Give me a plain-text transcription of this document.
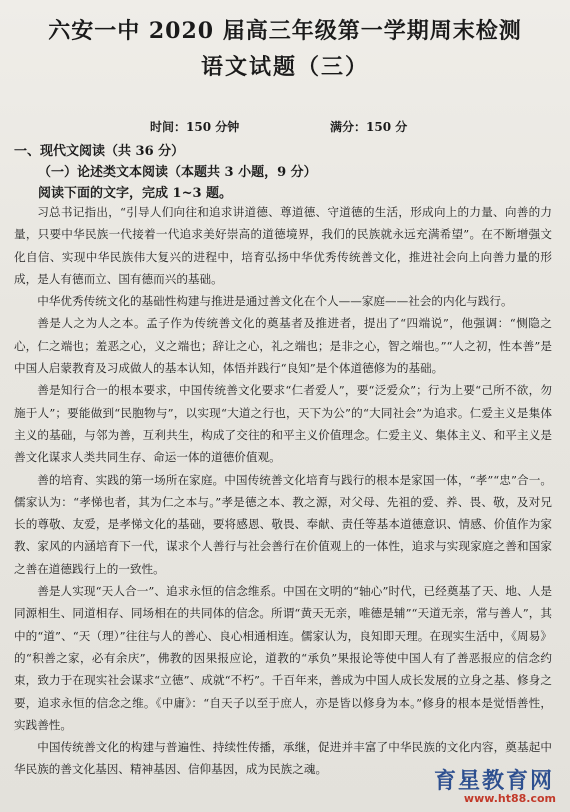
六安一中 2020 届高三年级第一学期周末检测
语文试题（三）
时间：150 分钟	满分：150 分
一、现代文阅读（共 36 分）
（一）论述类文本阅读（本题共 3 小题，9 分）
阅读下面的文字，完成 1~3 题。

习总书记指出，“引导人们向往和追求讲道德、尊道德、守道德的生活，形成向上的力量、向善的力量，只要中华民族一代接着一代追求美好崇高的道德境界，我们的民族就永远充满希望”。在不断增强文化自信、实现中华民族伟大复兴的进程中，培育弘扬中华优秀传统善文化，推进社会向上向善力量的形成，是人有德而立、国有德而兴的基础。

中华优秀传统文化的基础性构建与推进是通过善文化在个人——家庭——社会的内化与践行。

善是人之为人之本。孟子作为传统善文化的奠基者及推进者，提出了“四端说”，他强调：“恻隐之心，仁之端也；羞恶之心，义之端也；辞让之心，礼之端也；是非之心，智之端也。”“人之初，性本善”是中国人启蒙教育及习成做人的基本认知，体悟并践行“良知”是个体道德修为的基础。

善是知行合一的根本要求，中国传统善文化要求“仁者爱人”，要“泛爱众”；行为上要“己所不欲，勿施于人”；要能做到“民胞物与”，以实现“大道之行也，天下为公”的“大同社会”为追求。仁爱主义是集体主义的基础，与邻为善，互利共生，构成了交往的和平主义价值理念。仁爱主义、集体主义、和平主义是善文化谋求人类共同生存、命运一体的道德价值观。

善的培育、实践的第一场所在家庭。中国传统善文化培育与践行的根本是家国一体，“孝”“忠”合一。儒家认为：“孝悌也者，其为仁之本与。”孝是德之本、教之源，对父母、先祖的爱、养、畏、敬，及对兄长的尊敬、友爱，是孝悌文化的基础，要将感恩、敬畏、奉献、责任等基本道德意识、情感、价值作为家教、家风的内涵培育下一代，谋求个人善行与社会善行在价值观上的一体性，追求与实现家庭之善和国家之善在道德践行上的一致性。

善是人实现“天人合一”、追求永恒的信念维系。中国在文明的“轴心”时代，已经奠基了天、地、人是同源相生、同道相存、同场相在的共同体的信念。所谓“黄天无亲，唯德是辅”“天道无亲，常与善人”，其中的“道”、“天（理）”往往与人的善心、良心相通相连。儒家认为，良知即天理。在现实生活中，《周易》的“积善之家，必有余庆”，佛教的因果报应论，道教的“承负”果报论等使中国人有了善恶报应的信念约束，致力于在现实社会谋求“立德”、成就“不朽”。千百年来，善成为中国人成长发展的立身之基、修身之要，追求永恒的信念之维。《中庸》：“自天子以至于庶人，亦是皆以修身为本。”修身的根本是觉悟善性，实践善性。

中国传统善文化的构建与普遍性、持续性传播，承继，促进并丰富了中华民族的文化内容，奠基起中华民族的善文化基因、精神基因、信仰基因，成为民族之魂。	育星教育网
www.ht88.com
